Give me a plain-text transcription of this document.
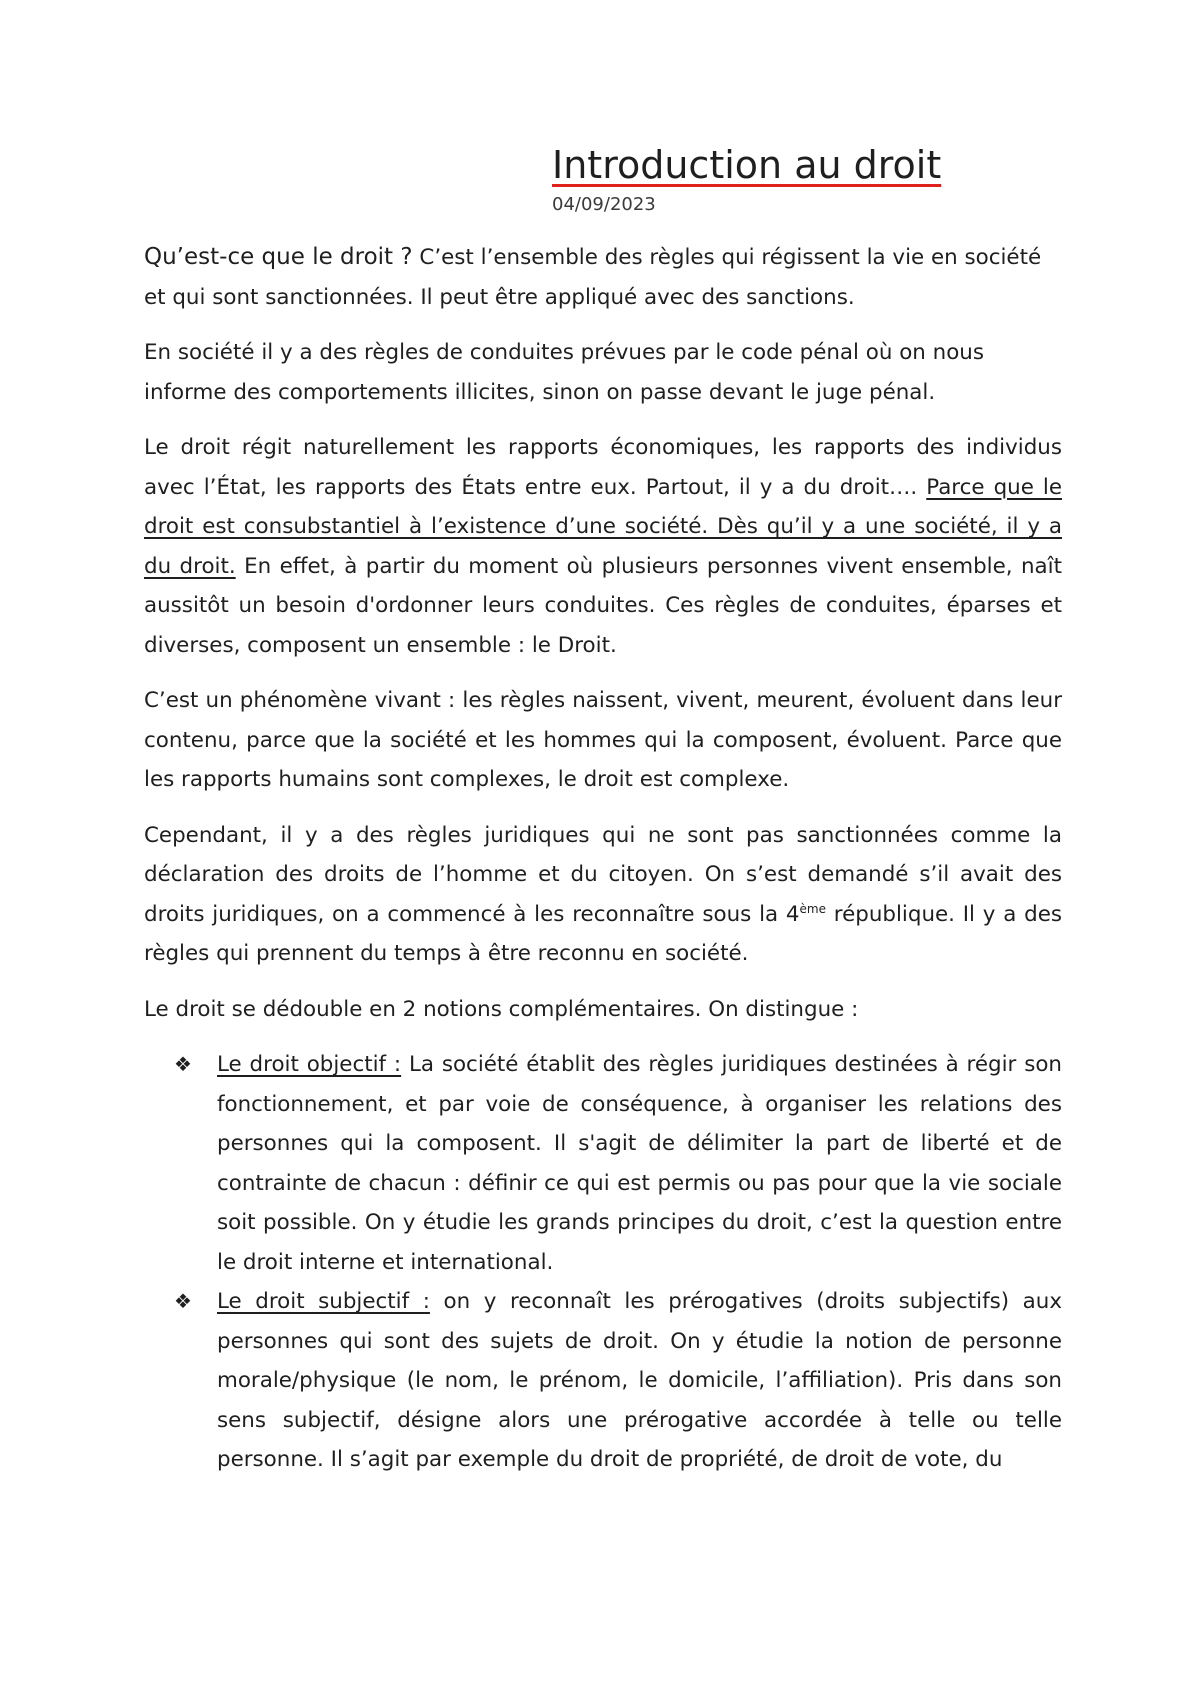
Introduction au droit
04/09/2023

Qu’est-ce que le droit ? C’est l’ensemble des règles qui régissent la vie en société et qui sont sanctionnées. Il peut être appliqué avec des sanctions.

En société il y a des règles de conduites prévues par le code pénal où on nous informe des comportements illicites, sinon on passe devant le juge pénal.

Le droit régit naturellement les rapports économiques, les rapports des individus avec l’État, les rapports des États entre eux. Partout, il y a du droit…. Parce que le droit est consubstantiel à l’existence d’une société. Dès qu’il y a une société, il y a du droit. En effet, à partir du moment où plusieurs personnes vivent ensemble, naît aussitôt un besoin d'ordonner leurs conduites. Ces règles de conduites, éparses et diverses, composent un ensemble : le Droit.

C’est un phénomène vivant : les règles naissent, vivent, meurent, évoluent dans leur contenu, parce que la société et les hommes qui la composent, évoluent. Parce que les rapports humains sont complexes, le droit est complexe.

Cependant, il y a des règles juridiques qui ne sont pas sanctionnées comme la déclaration des droits de l’homme et du citoyen. On s’est demandé s’il avait des droits juridiques, on a commencé à les reconnaître sous la 4ème république. Il y a des règles qui prennent du temps à être reconnu en société.

Le droit se dédouble en 2 notions complémentaires. On distingue :

❖ Le droit objectif : La société établit des règles juridiques destinées à régir son fonctionnement, et par voie de conséquence, à organiser les relations des personnes qui la composent. Il s'agit de délimiter la part de liberté et de contrainte de chacun : définir ce qui est permis ou pas pour que la vie sociale soit possible. On y étudie les grands principes du droit, c’est la question entre le droit interne et international.
❖ Le droit subjectif : on y reconnaît les prérogatives (droits subjectifs) aux personnes qui sont des sujets de droit. On y étudie la notion de personne morale/physique (le nom, le prénom, le domicile, l’affiliation). Pris dans son sens subjectif, désigne alors une prérogative accordée à telle ou telle personne. Il s’agit par exemple du droit de propriété, de droit de vote, du
